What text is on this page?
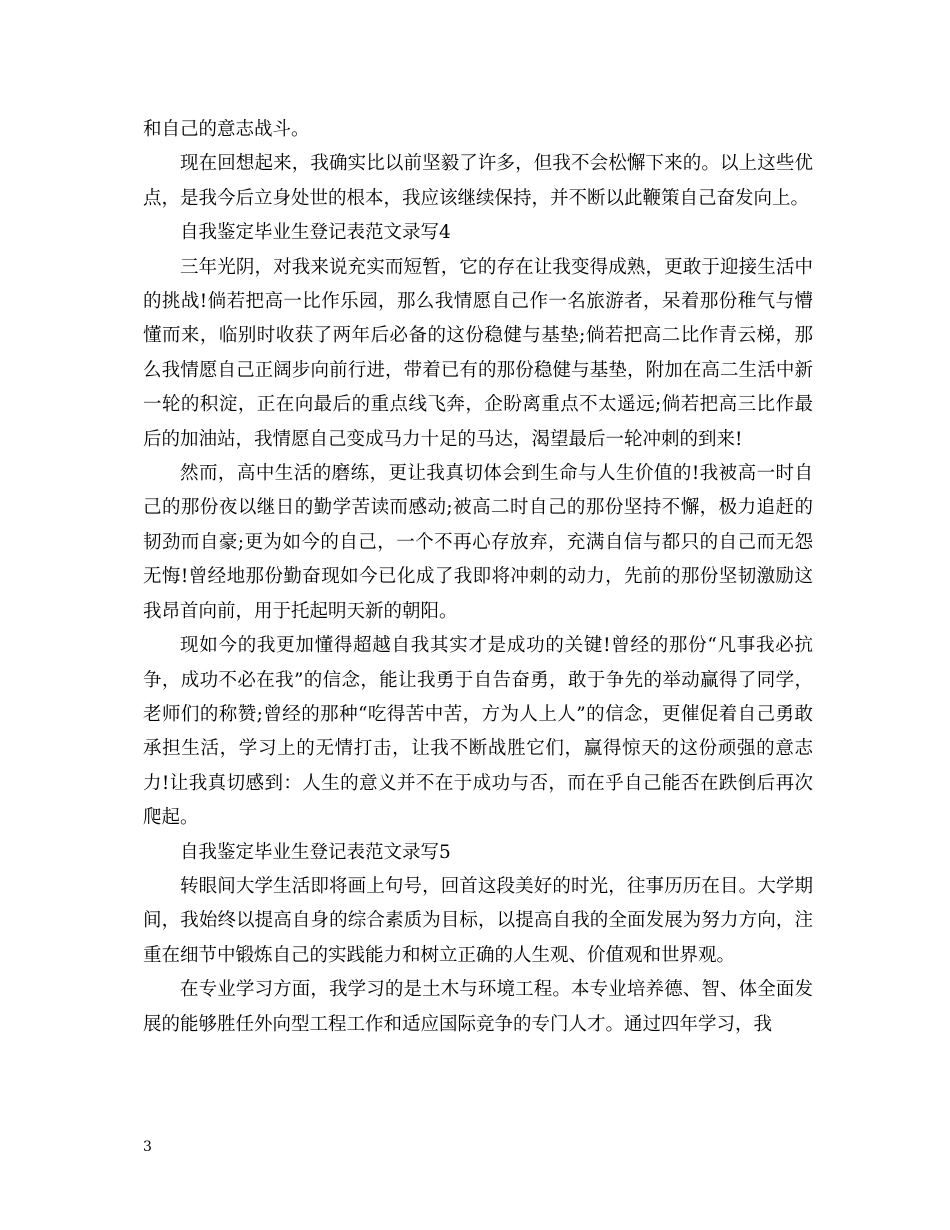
和自己的意志战斗。

现在回想起来，我确实比以前坚毅了许多，但我不会松懈下来的。以上这些优点，是我今后立身处世的根本，我应该继续保持，并不断以此鞭策自己奋发向上。

自我鉴定毕业生登记表范文录写4

三年光阴，对我来说充实而短暂，它的存在让我变得成熟，更敢于迎接生活中的挑战!倘若把高一比作乐园，那么我情愿自己作一名旅游者，呆着那份稚气与懵懂而来，临别时收获了两年后必备的这份稳健与基垫;倘若把高二比作青云梯，那么我情愿自己正阔步向前行进，带着已有的那份稳健与基垫，附加在高二生活中新一轮的积淀，正在向最后的重点线飞奔，企盼离重点不太遥远;倘若把高三比作最后的加油站，我情愿自己变成马力十足的马达，渴望最后一轮冲刺的到来!

然而，高中生活的磨练，更让我真切体会到生命与人生价值的!我被高一时自己的那份夜以继日的勤学苦读而感动;被高二时自己的那份坚持不懈，极力追赶的韧劲而自豪;更为如今的自己，一个不再心存放弃，充满自信与都只的自己而无怨无悔!曾经地那份勤奋现如今已化成了我即将冲刺的动力，先前的那份坚韧激励这我昂首向前，用于托起明天新的朝阳。

现如今的我更加懂得超越自我其实才是成功的关键!曾经的那份“凡事我必抗争，成功不必在我”的信念，能让我勇于自告奋勇，敢于争先的举动赢得了同学，老师们的称赞;曾经的那种“吃得苦中苦，方为人上人”的信念，更催促着自己勇敢承担生活，学习上的无情打击，让我不断战胜它们，赢得惊天的这份顽强的意志力!让我真切感到：人生的意义并不在于成功与否，而在乎自己能否在跌倒后再次爬起。

自我鉴定毕业生登记表范文录写5

转眼间大学生活即将画上句号，回首这段美好的时光，往事历历在目。大学期间，我始终以提高自身的综合素质为目标，以提高自我的全面发展为努力方向，注重在细节中锻炼自己的实践能力和树立正确的人生观、价值观和世界观。

在专业学习方面，我学习的是土木与环境工程。本专业培养德、智、体全面发展的能够胜任外向型工程工作和适应国际竞争的专门人才。通过四年学习，我

3
